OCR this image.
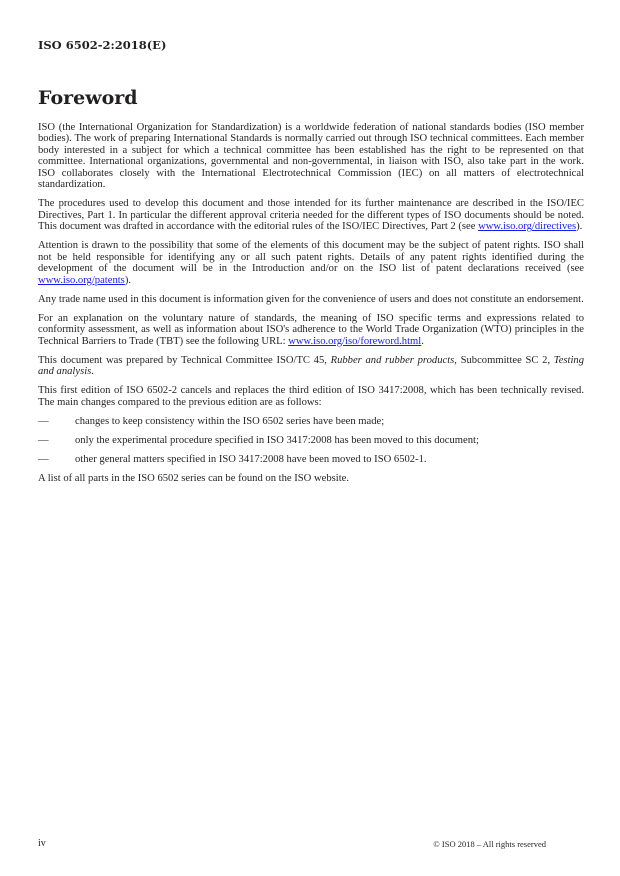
ISO 6502-2:2018(E)
Foreword

ISO (the International Organization for Standardization) is a worldwide federation of national standards bodies (ISO member bodies). The work of preparing International Standards is normally carried out through ISO technical committees. Each member body interested in a subject for which a technical committee has been established has the right to be represented on that committee. International organizations, governmental and non-governmental, in liaison with ISO, also take part in the work. ISO collaborates closely with the International Electrotechnical Commission (IEC) on all matters of electrotechnical standardization.

The procedures used to develop this document and those intended for its further maintenance are described in the ISO/IEC Directives, Part 1. In particular the different approval criteria needed for the different types of ISO documents should be noted. This document was drafted in accordance with the editorial rules of the ISO/IEC Directives, Part 2 (see www.iso.org/directives).

Attention is drawn to the possibility that some of the elements of this document may be the subject of patent rights. ISO shall not be held responsible for identifying any or all such patent rights. Details of any patent rights identified during the development of the document will be in the Introduction and/or on the ISO list of patent declarations received (see www.iso.org/patents).

Any trade name used in this document is information given for the convenience of users and does not constitute an endorsement.

For an explanation on the voluntary nature of standards, the meaning of ISO specific terms and expressions related to conformity assessment, as well as information about ISO's adherence to the World Trade Organization (WTO) principles in the Technical Barriers to Trade (TBT) see the following URL: www.iso.org/iso/foreword.html.

This document was prepared by Technical Committee ISO/TC 45, Rubber and rubber products, Subcommittee SC 2, Testing and analysis.

This first edition of ISO 6502-2 cancels and replaces the third edition of ISO 3417:2008, which has been technically revised. The main changes compared to the previous edition are as follows:

—	changes to keep consistency within the ISO 6502 series have been made;
—	only the experimental procedure specified in ISO 3417:2008 has been moved to this document;
—	other general matters specified in ISO 3417:2008 have been moved to ISO 6502-1.

A list of all parts in the ISO 6502 series can be found on the ISO website.

iv	© ISO 2018 – All rights reserved
